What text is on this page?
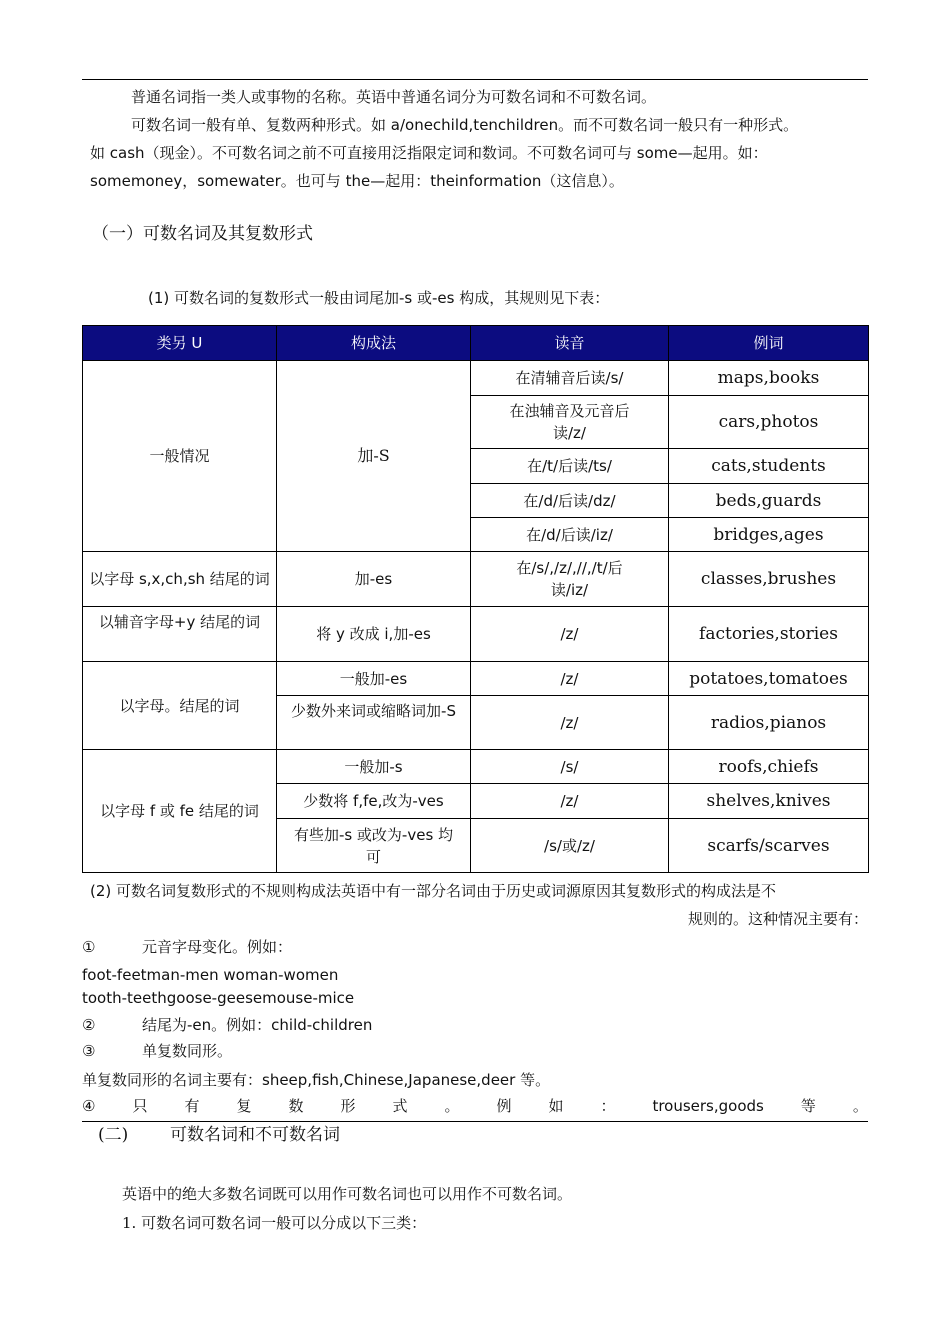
普通名词指一类人或事物的名称。英语中普通名词分为可数名词和不可数名词。
可数名词一般有单、复数两种形式。如 a/onechild,tenchildren。而不可数名词一般只有一种形式。
如 cash（现金）。不可数名词之前不可直接用泛指限定词和数词。不可数名词可与 some—起用。如：
somemoney，somewater。也可与 the—起用：theinformation（这信息）。
（一）可数名词及其复数形式
(1) 可数名词的复数形式一般由词尾加-s 或-es 构成，其规则见下表：
类另 U	构成法	读音	例词
一般情况	加-S	在清辅音后读/s/	maps,books
		在浊辅音及元音后读/z/	cars,photos
		在/t/后读/ts/	cats,students
		在/d/后读/dz/	beds,guards
		在/d/后读/iz/	bridges,ages
以字母 s,x,ch,sh 结尾的词	加-es	在/s/,/z/,//,/t/后读/iz/	classes,brushes
以辅音字母+y 结尾的词	将 y 改成 i,加-es	/z/	factories,stories
以字母。结尾的词	一般加-es	/z/	potatoes,tomatoes
	少数外来词或缩略词加-S	/z/	radios,pianos
以字母 f 或 fe 结尾的词	一般加-s	/s/	roofs,chiefs
	少数将 f,fe,改为-ves	/z/	shelves,knives
	有些加-s 或改为-ves 均可	/s/或/z/	scarfs/scarves
(2) 可数名词复数形式的不规则构成法英语中有一部分名词由于历史或词源原因其复数形式的构成法是不
规则的。这种情况主要有：
①	元音字母变化。例如：
foot-feetman-men woman-women
tooth-teethgoose-geesemouse-mice
②	结尾为-en。例如：child-children
③	单复数同形。
单复数同形的名词主要有：sheep,fish,Chinese,Japanese,deer 等。
④ 只 有 复 数 形 式 。 例 如 ： trousers,goods 等 。
(二) 可数名词和不可数名词
英语中的绝大多数名词既可以用作可数名词也可以用作不可数名词。
1. 可数名词可数名词一般可以分成以下三类：
